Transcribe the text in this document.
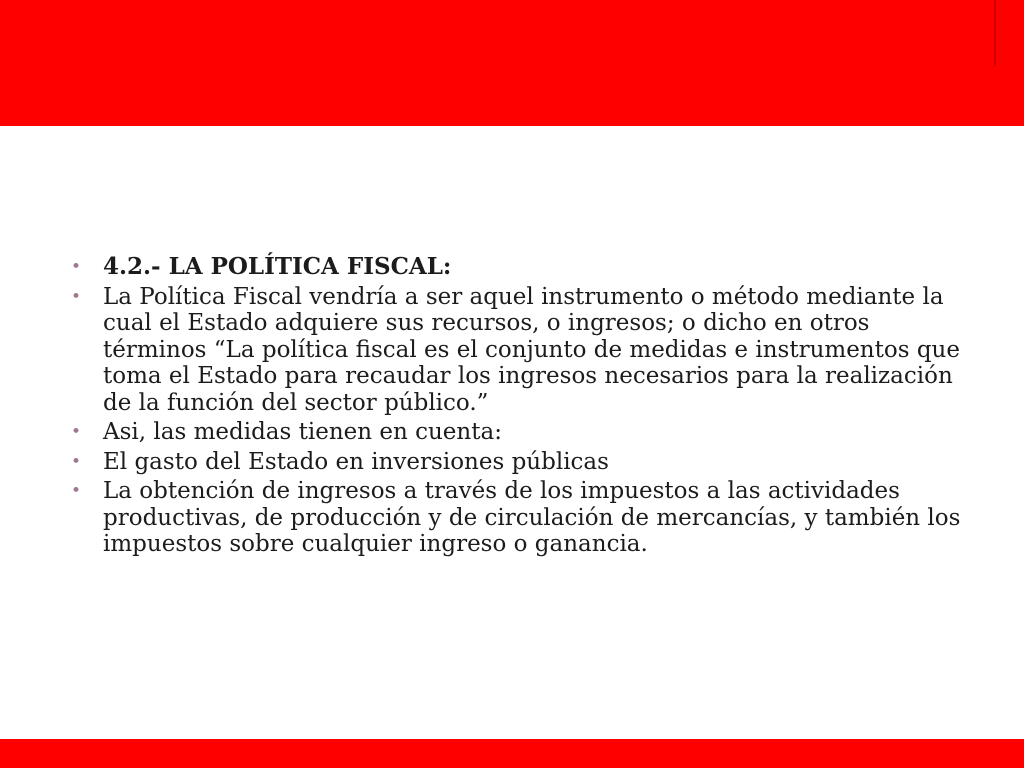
• 4.2.- LA POLÍTICA FISCAL:
• La Política Fiscal vendría a ser aquel instrumento o método mediante la cual el Estado adquiere sus recursos, o ingresos; o dicho en otros términos “La política fiscal es el conjunto de medidas e instrumentos que toma el Estado para recaudar los ingresos necesarios para la realización de la función del sector público.”
• Asi, las medidas tienen en cuenta:
• El gasto del Estado en inversiones públicas
• La obtención de ingresos a través de los impuestos a las actividades productivas, de producción y de circulación de mercancías, y también los impuestos sobre cualquier ingreso o ganancia.
